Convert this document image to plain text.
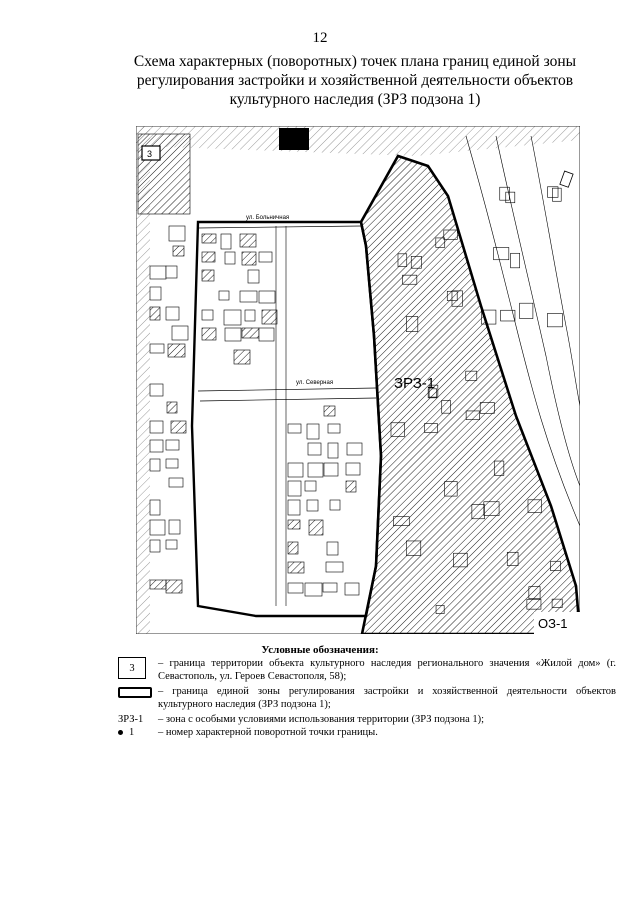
12
Схема характерных (поворотных) точек плана границ единой зоны регулирования застройки и хозяйственной деятельности объектов культурного наследия (ЗРЗ подзона 1)
3
ул. Больничная
ул. Северная	ЗРЗ-1
ОЗ-1
Условные обозначения:
3	– граница территории объекта культурного наследия регионального значения «Жилой дом» (г. Севастополь, ул. Героев Севастополя, 58);
– граница единой зоны регулирования застройки и хозяйственной деятельности объектов культурного наследия (ЗРЗ подзона 1);
ЗРЗ-1 – зона с особыми условиями использования территории (ЗРЗ подзона 1);
1 – номер характерной поворотной точки границы.
